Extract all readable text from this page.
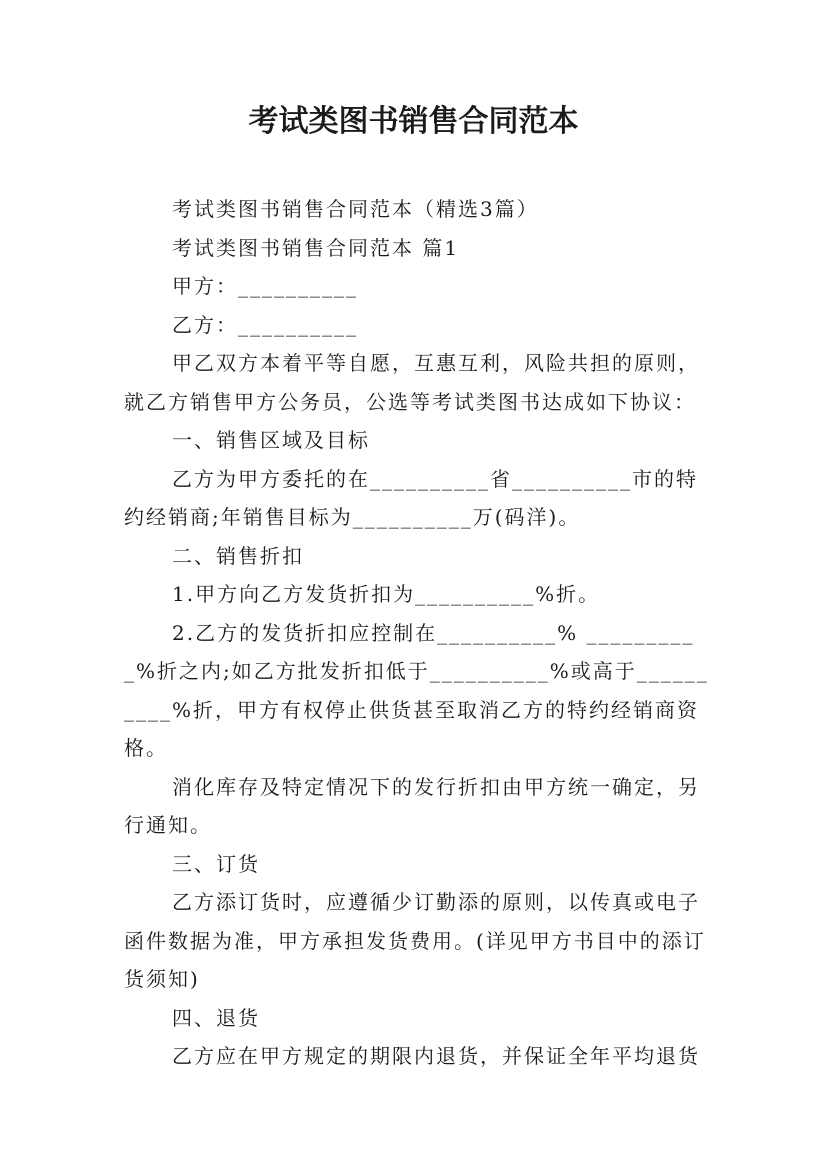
考试类图书销售合同范本

考试类图书销售合同范本（精选3篇）

考试类图书销售合同范本 篇1

甲方：__________

乙方：__________

甲乙双方本着平等自愿，互惠互利，风险共担的原则，就乙方销售甲方公务员，公选等考试类图书达成如下协议：

一、销售区域及目标

乙方为甲方委托的在__________省__________市的特约经销商;年销售目标为__________万(码洋)。

二、销售折扣

1.甲方向乙方发货折扣为__________%折。

2.乙方的发货折扣应控制在__________% __________%折之内;如乙方批发折扣低于__________%或高于__________%折，甲方有权停止供货甚至取消乙方的特约经销商资格。

消化库存及特定情况下的发行折扣由甲方统一确定，另行通知。

三、订货

乙方添订货时，应遵循少订勤添的原则，以传真或电子函件数据为准，甲方承担发货费用。(详见甲方书目中的添订货须知)

四、退货

乙方应在甲方规定的期限内退货，并保证全年平均退货
